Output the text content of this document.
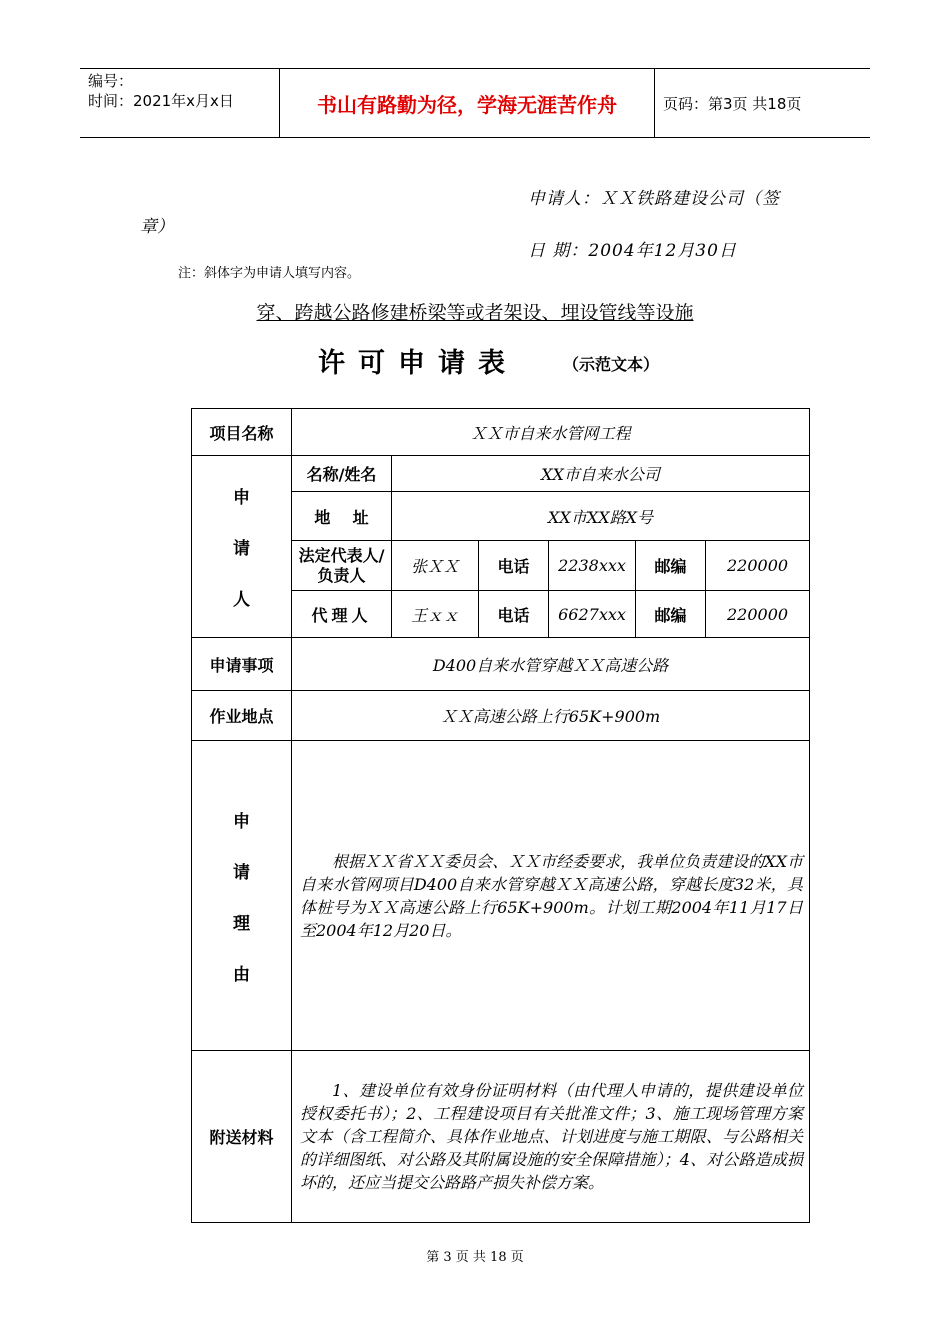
编号：
时间：2021年x月x日	书山有路勤为径，学海无涯苦作舟	页码：第3页 共18页
申请人：ＸＸ铁路建设公司（签
章）
日 期：2004年12月30日
注：斜体字为申请人填写内容。
穿、跨越公路修建桥梁等或者架设、埋设管线等设施
许可申请表	（示范文本）
项目名称	ＸＸ市自来水管网工程					

申
请
人	名称/姓名	XX市自来水公司				
	地    址	XX市XX路X号				
	法定代表人/负责人	张ＸＸ	电话	2238xxx	邮编	220000
	代理人	王ｘｘ	电话	6627xxx	邮编	220000
申请事项	D400自来水管穿越ＸＸ高速公路					
作业地点	ＸＸ高速公路上行65K+900m					

申
请
理
由	根据ＸＸ省ＸＸ委员会、ＸＸ市经委要求，我单位负责建设的XX市自来水管网项目D400自来水管穿越ＸＸ高速公路，穿越长度32米，具体桩号为ＸＸ高速公路上行65K+900m。计划工期2004年11月17日至2004年12月20日。					

附送材料	1、建设单位有效身份证明材料（由代理人申请的，提供建设单位授权委托书）；2、工程建设项目有关批准文件；3、施工现场管理方案文本（含工程简介、具体作业地点、计划进度与施工期限、与公路相关的详细图纸、对公路及其附属设施的安全保障措施）；4、对公路造成损坏的，还应当提交公路路产损失补偿方案。					
第 3 页 共 18 页
